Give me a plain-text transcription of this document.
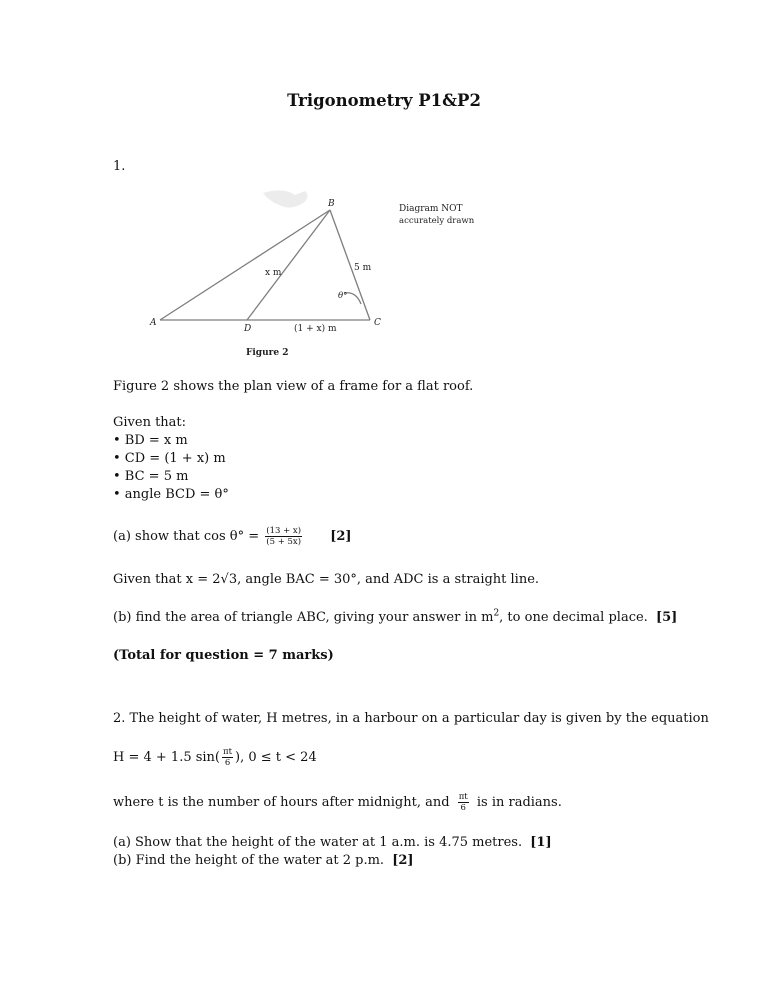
Trigonometry P1&P2
1.
A
B
C
D
x m	5 m
(1 + x) m
θ°
Diagram NOT
accurately drawn
Figure 2
Figure 2 shows the plan view of a frame for a flat roof.
Given that:
• BD = x m
• CD = (1 + x) m
• BC = 5 m
• angle BCD = θ°
(a) show that $\cos \theta^\circ = \frac{(13 + x)}{(5 + 5x)} [2]$
Given that x = 2√3, angle BAC = 30°, and ADC is a straight line.
(b) find the area of triangle ABC, giving your answer in $m^2$, to one decimal place. [5]
(Total for question = 7 marks)
2. The height of water, H metres, in a harbour on a particular day is given by the equation
H = 4 + 1.5 $\sin( \frac{\pi t}{6}$ ), 0 ≤ t < 24
where t is the number of hours after midnight, and $\frac{\pi t}{6}$ is in radians.
(a) Show that the height of the water at 1 a.m. is 4.75 metres. [1]
(b) Find the height of the water at 2 p.m. [2]
